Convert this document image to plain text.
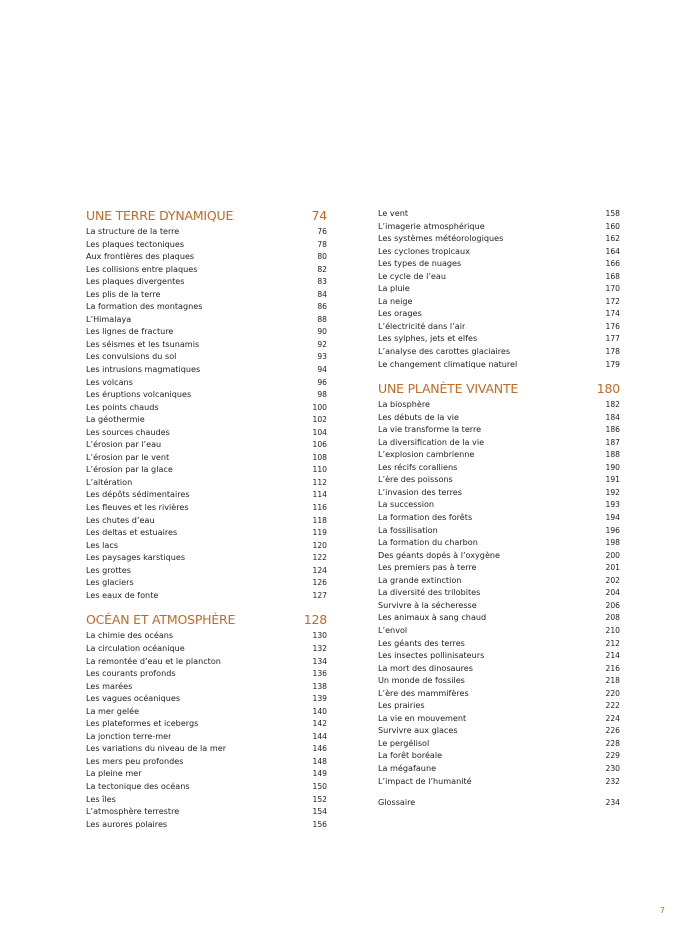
UNE TERRE DYNAMIQUE	74
La structure de la terre	76
Les plaques tectoniques	78
Aux frontières des plaques	80
Les collisions entre plaques	82
Les plaques divergentes	83
Les plis de la terre	84
La formation des montagnes	86
L’Himalaya	88
Les lignes de fracture	90
Les séismes et les tsunamis	92
Les convulsions du sol	93
Les intrusions magmatiques	94
Les volcans	96
Les éruptions volcaniques	98
Les points chauds	100
La géothermie	102
Les sources chaudes	104
L’érosion par l’eau	106
L’érosion par le vent	108
L’érosion par la glace	110
L’altération	112
Les dépôts sédimentaires	114
Les fleuves et les rivières	116
Les chutes d’eau	118
Les deltas et estuaires	119
Les lacs	120
Les paysages karstiques	122
Les grottes	124
Les glaciers	126
Les eaux de fonte	127
OCÉAN ET ATMOSPHÈRE	128
La chimie des océans	130
La circulation océanique	132
La remontée d’eau et le plancton	134
Les courants profonds	136
Les marées	138
Les vagues océaniques	139
La mer gelée	140
Les plateformes et icebergs	142
La jonction terre-mer	144
Les variations du niveau de la mer	146
Les mers peu profondes	148
La pleine mer	149
La tectonique des océans	150
Les îles	152
L’atmosphère terrestre	154
Les aurores polaires	156
Le vent	158
L’imagerie atmosphérique	160
Les systèmes météorologiques	162
Les cyclones tropicaux	164
Les types de nuages	166
Le cycle de l’eau	168
La pluie	170
La neige	172
Les orages	174
L’électricité dans l’air	176
Les sylphes, jets et elfes	177
L’analyse des carottes glaciaires	178
Le changement climatique naturel	179
UNE PLANÈTE VIVANTE	180
La biosphère	182
Les débuts de la vie	184
La vie transforme la terre	186
La diversification de la vie	187
L’explosion cambrienne	188
Les récifs coralliens	190
L’ère des poissons	191
L’invasion des terres	192
La succession	193
La formation des forêts	194
La fossilisation	196
La formation du charbon	198
Des géants dopés à l’oxygène	200
Les premiers pas à terre	201
La grande extinction	202
La diversité des trilobites	204
Survivre à la sécheresse	206
Les animaux à sang chaud	208
L’envol	210
Les géants des terres	212
Les insectes pollinisateurs	214
La mort des dinosaures	216
Un monde de fossiles	218
L’ère des mammifères	220
Les prairies	222
La vie en mouvement	224
Survivre aux glaces	226
Le pergélisol	228
La forêt boréale	229
La mégafaune	230
L’impact de l’humanité	232
Glossaire	234
7
